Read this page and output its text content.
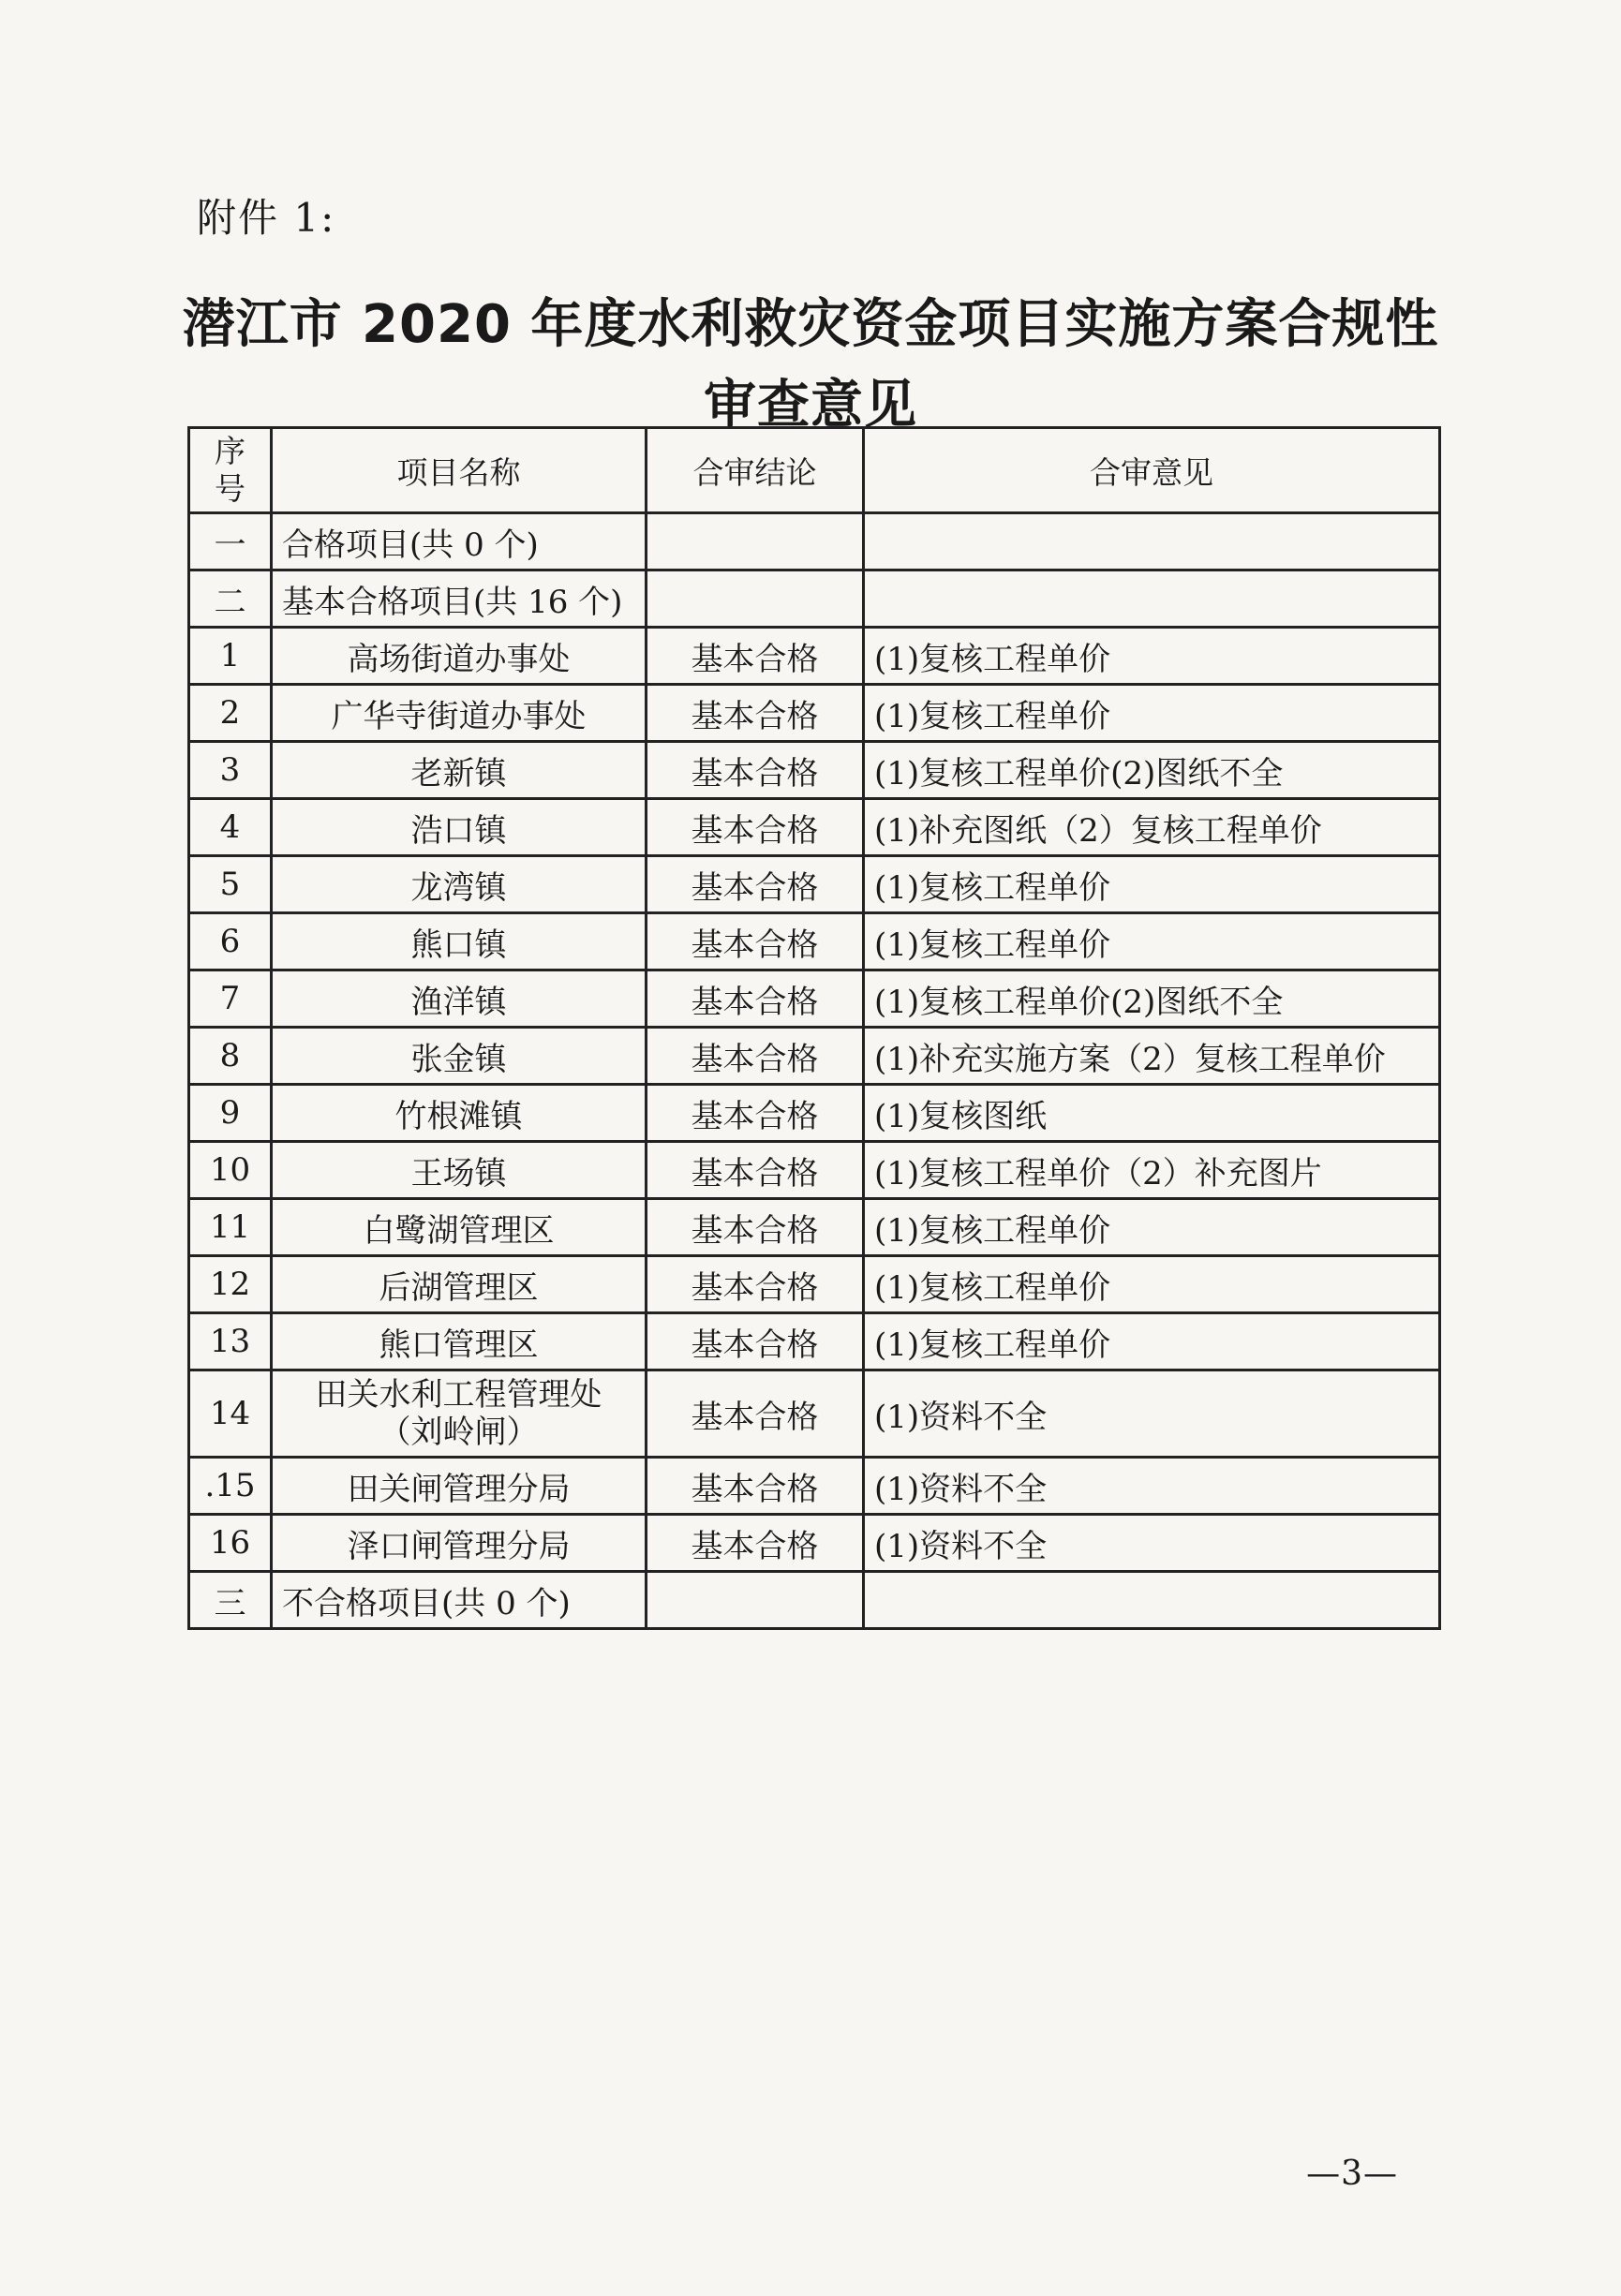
附件 1:
潜江市 2020 年度水利救灾资金项目实施方案合规性
审查意见
序号	项目名称	合审结论	合审意见
一	合格项目(共 0 个)		
二	基本合格项目(共 16 个)		
1	高场街道办事处	基本合格	(1)复核工程单价
2	广华寺街道办事处	基本合格	(1)复核工程单价
3	老新镇	基本合格	(1)复核工程单价(2)图纸不全
4	浩口镇	基本合格	(1)补充图纸（2）复核工程单价
5	龙湾镇	基本合格	(1)复核工程单价
6	熊口镇	基本合格	(1)复核工程单价
7	渔洋镇	基本合格	(1)复核工程单价(2)图纸不全
8	张金镇	基本合格	(1)补充实施方案（2）复核工程单价
9	竹根滩镇	基本合格	(1)复核图纸
10	王场镇	基本合格	(1)复核工程单价（2）补充图片
11	白鹭湖管理区	基本合格	(1)复核工程单价
12	后湖管理区	基本合格	(1)复核工程单价
13	熊口管理区	基本合格	(1)复核工程单价
14	田关水利工程管理处
（刘岭闸）	基本合格	(1)资料不全
.15	田关闸管理分局	基本合格	(1)资料不全
16	泽口闸管理分局	基本合格	(1)资料不全
三	不合格项目(共 0 个)		
—3—
